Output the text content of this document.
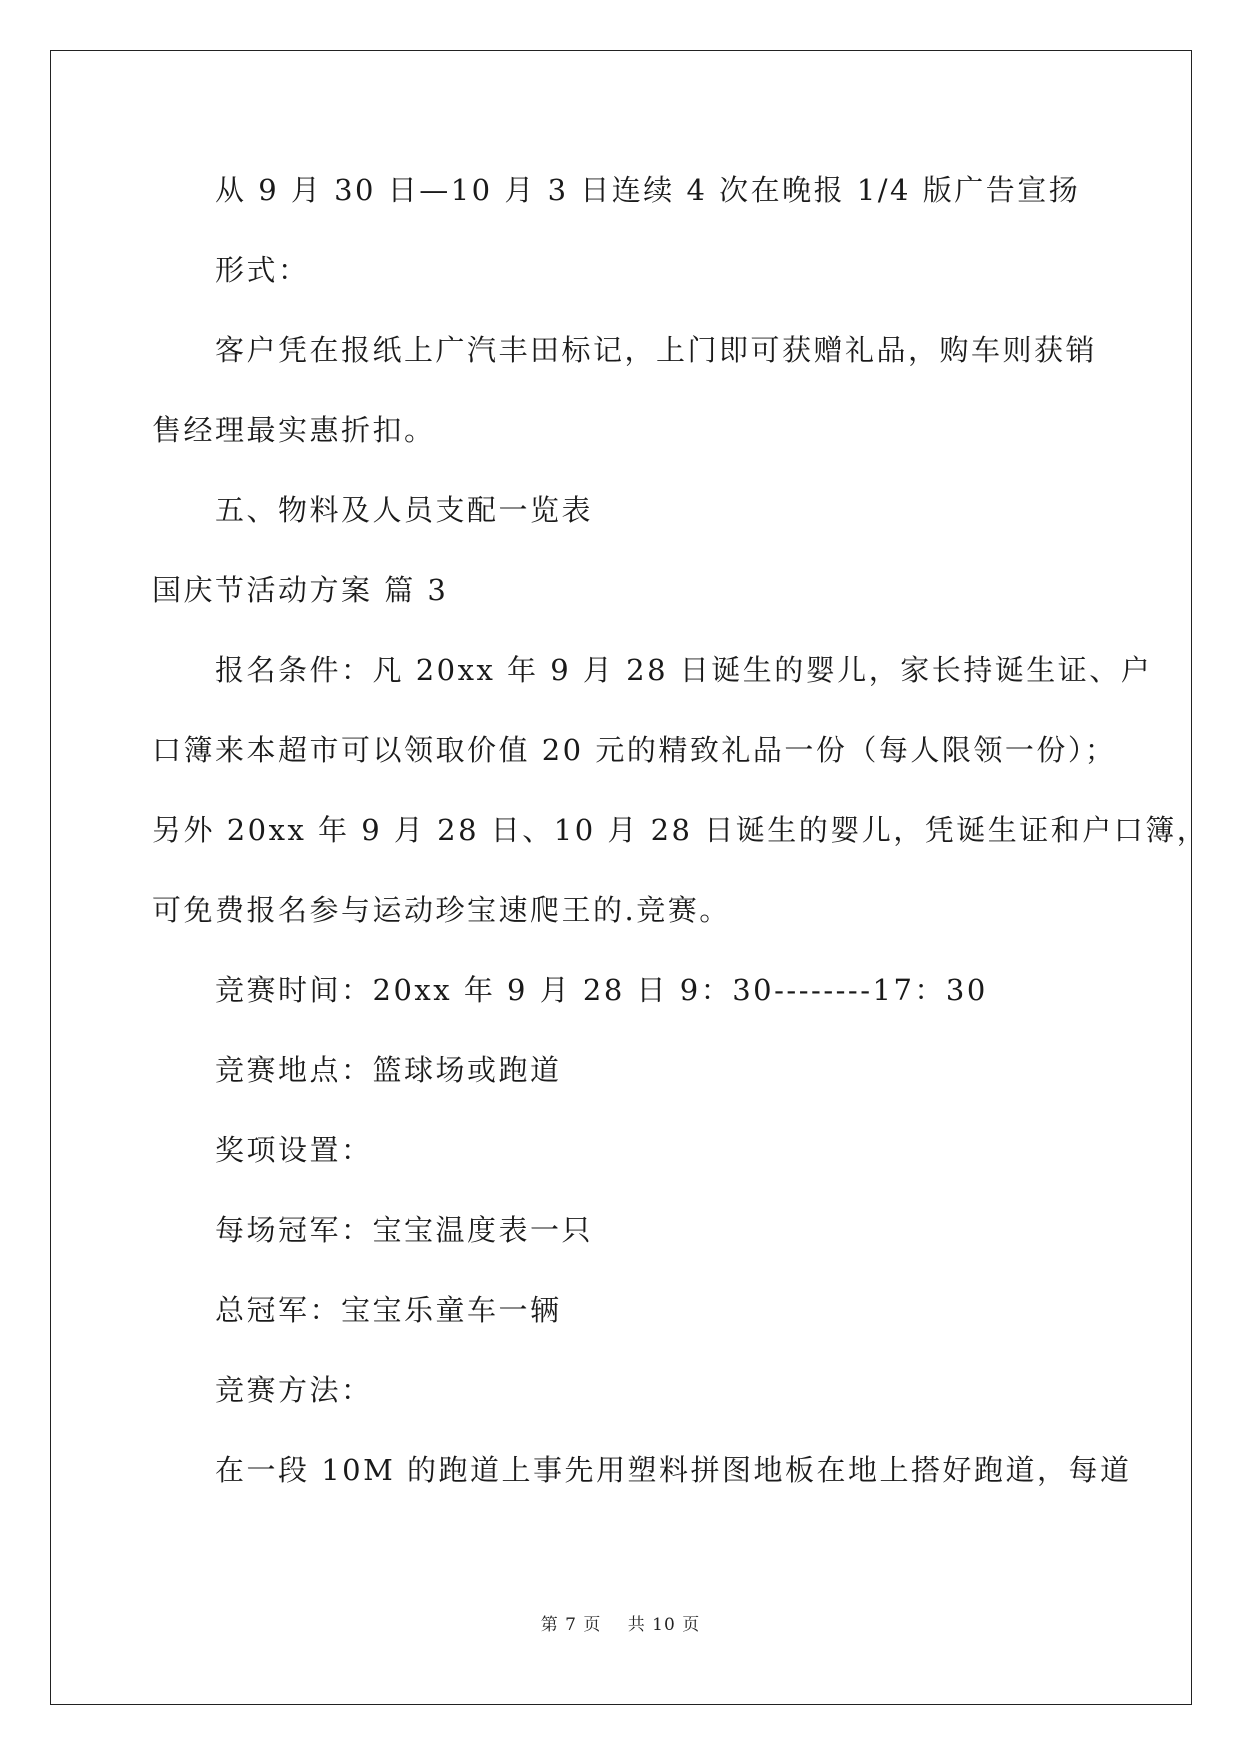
从 9 月 30 日—10 月 3 日连续 4 次在晚报 1/4 版广告宣扬
形式：
客户凭在报纸上广汽丰田标记，上门即可获赠礼品，购车则获销
售经理最实惠折扣。
五、物料及人员支配一览表
国庆节活动方案 篇 3
报名条件：凡 20xx 年 9 月 28 日诞生的婴儿，家长持诞生证、户
口簿来本超市可以领取价值 20 元的精致礼品一份（每人限领一份）；
另外 20xx 年 9 月 28 日、10 月 28 日诞生的婴儿，凭诞生证和户口簿，
可免费报名参与运动珍宝速爬王的.竞赛。
竞赛时间：20xx 年 9 月 28 日 9：30--------17：30
竞赛地点：篮球场或跑道
奖项设置：
每场冠军：宝宝温度表一只
总冠军：宝宝乐童车一辆
竞赛方法：
在一段 10M 的跑道上事先用塑料拼图地板在地上搭好跑道，每道
第 7 页 共 10 页
